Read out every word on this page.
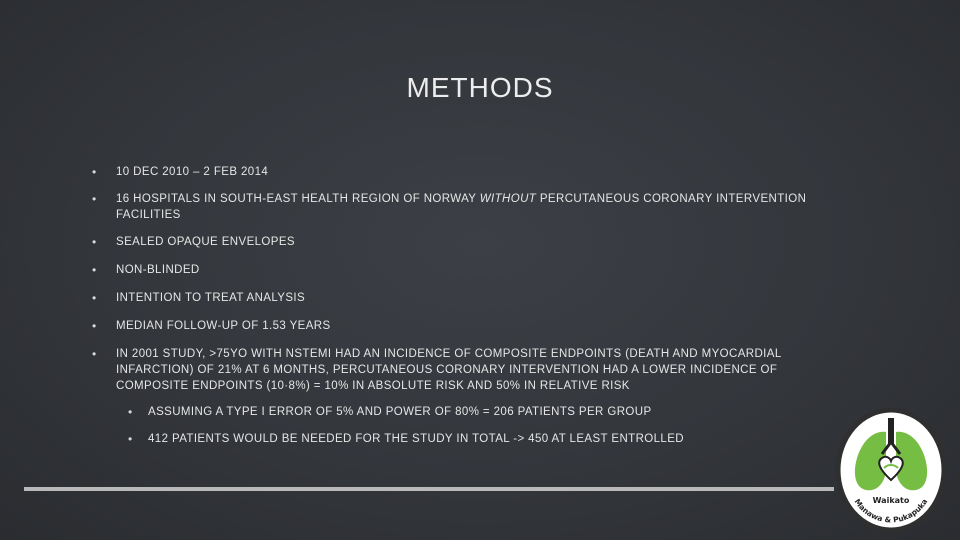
METHODS
• 10 DEC 2010 – 2 FEB 2014
• 16 HOSPITALS IN SOUTH-EAST HEALTH REGION OF NORWAY WITHOUT PERCUTANEOUS CORONARY INTERVENTION FACILITIES
• SEALED OPAQUE ENVELOPES
• NON-BLINDED
• INTENTION TO TREAT ANALYSIS
• MEDIAN FOLLOW-UP OF 1.53 YEARS
• IN 2001 STUDY, >75YO WITH NSTEMI HAD AN INCIDENCE OF COMPOSITE ENDPOINTS (DEATH AND MYOCARDIAL INFARCTION) OF 21% AT 6 MONTHS, PERCUTANEOUS CORONARY INTERVENTION HAD A LOWER INCIDENCE OF COMPOSITE ENDPOINTS (10·8%) = 10% IN ABSOLUTE RISK AND 50% IN RELATIVE RISK
• ASSUMING A TYPE I ERROR OF 5% AND POWER OF 80% = 206 PATIENTS PER GROUP
• 412 PATIENTS WOULD BE NEEDED FOR THE STUDY IN TOTAL -> 450 AT LEAST ENTROLLED
Waikato
Manawa & Pukapuka
